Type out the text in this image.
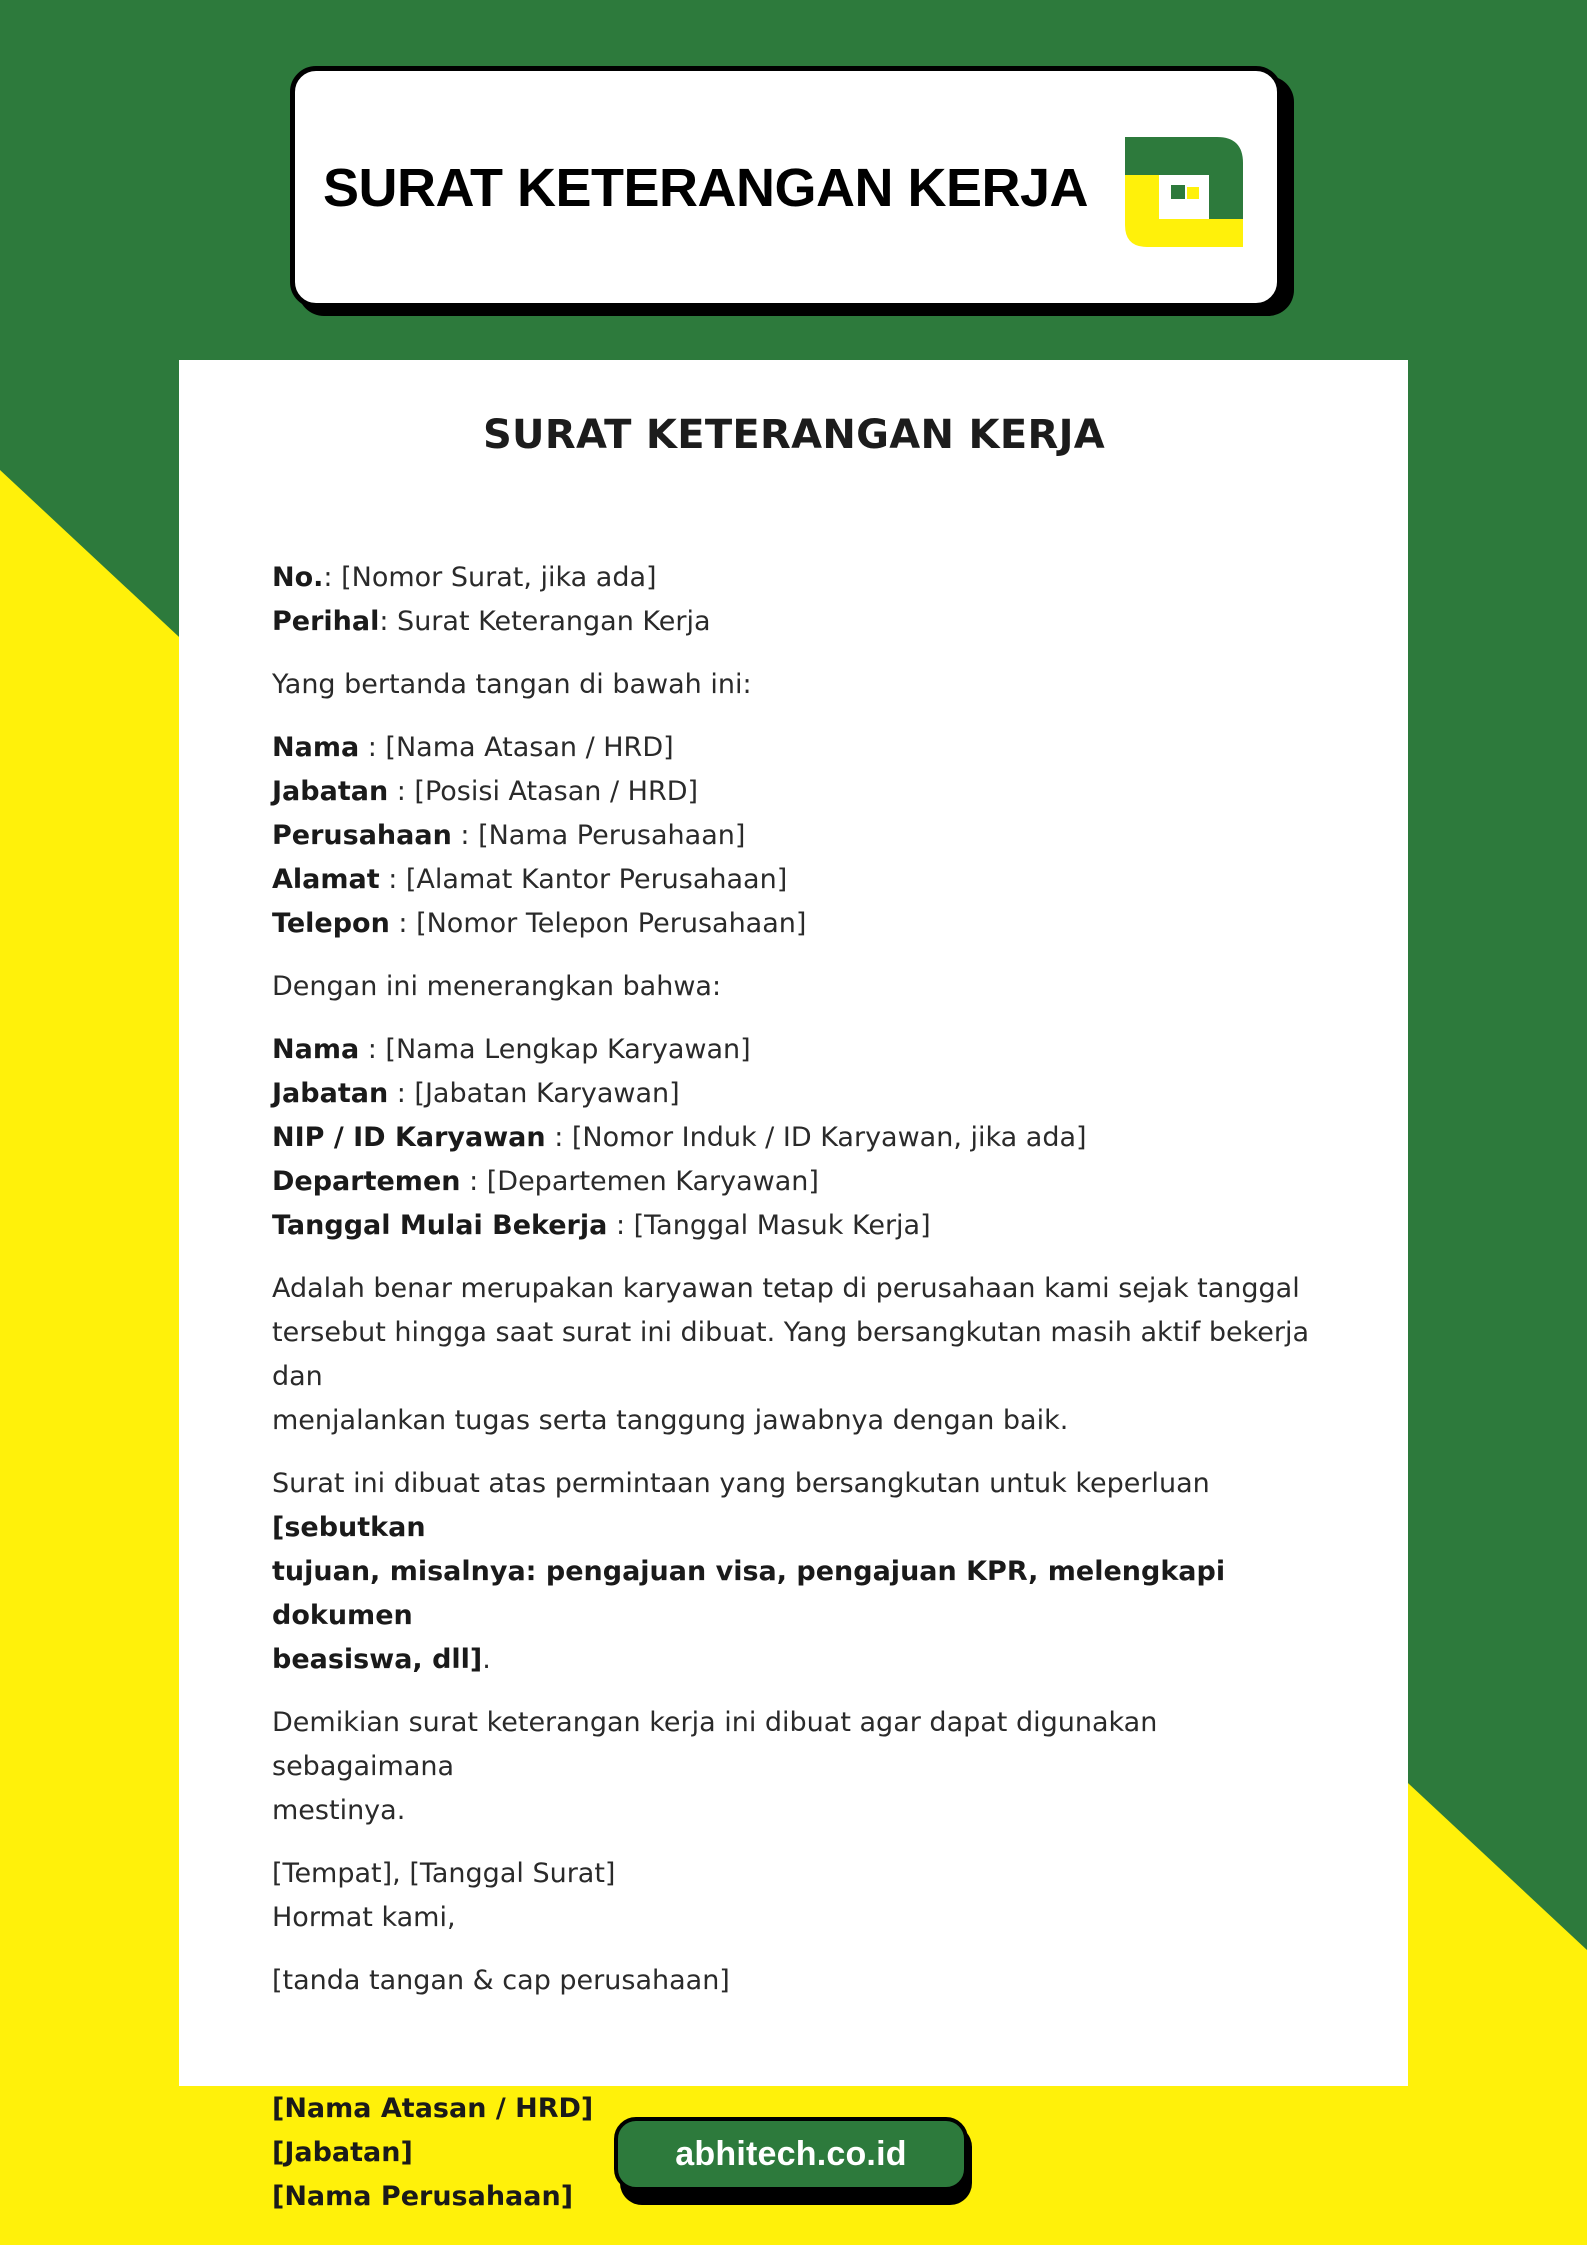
SURAT KETERANGAN KERJA
SURAT KETERANGAN KERJA

No.: [Nomor Surat, jika ada]

Perihal: Surat Keterangan Kerja

Yang bertanda tangan di bawah ini:

Nama : [Nama Atasan / HRD]

Jabatan : [Posisi Atasan / HRD]

Perusahaan : [Nama Perusahaan]

Alamat : [Alamat Kantor Perusahaan]

Telepon : [Nomor Telepon Perusahaan]

Dengan ini menerangkan bahwa:

Nama : [Nama Lengkap Karyawan]

Jabatan : [Jabatan Karyawan]

NIP / ID Karyawan : [Nomor Induk / ID Karyawan, jika ada]

Departemen : [Departemen Karyawan]

Tanggal Mulai Bekerja : [Tanggal Masuk Kerja]

Adalah benar merupakan karyawan tetap di perusahaan kami sejak tanggal

tersebut hingga saat surat ini dibuat. Yang bersangkutan masih aktif bekerja dan

menjalankan tugas serta tanggung jawabnya dengan baik.

Surat ini dibuat atas permintaan yang bersangkutan untuk keperluan [sebutkan

tujuan, misalnya: pengajuan visa, pengajuan KPR, melengkapi dokumen

beasiswa, dll].

Demikian surat keterangan kerja ini dibuat agar dapat digunakan sebagaimana

mestinya.

[Tempat], [Tanggal Surat]

Hormat kami,

[tanda tangan & cap perusahaan]

[Nama Atasan / HRD]

[Jabatan]

[Nama Perusahaan]

abhitech.co.id
